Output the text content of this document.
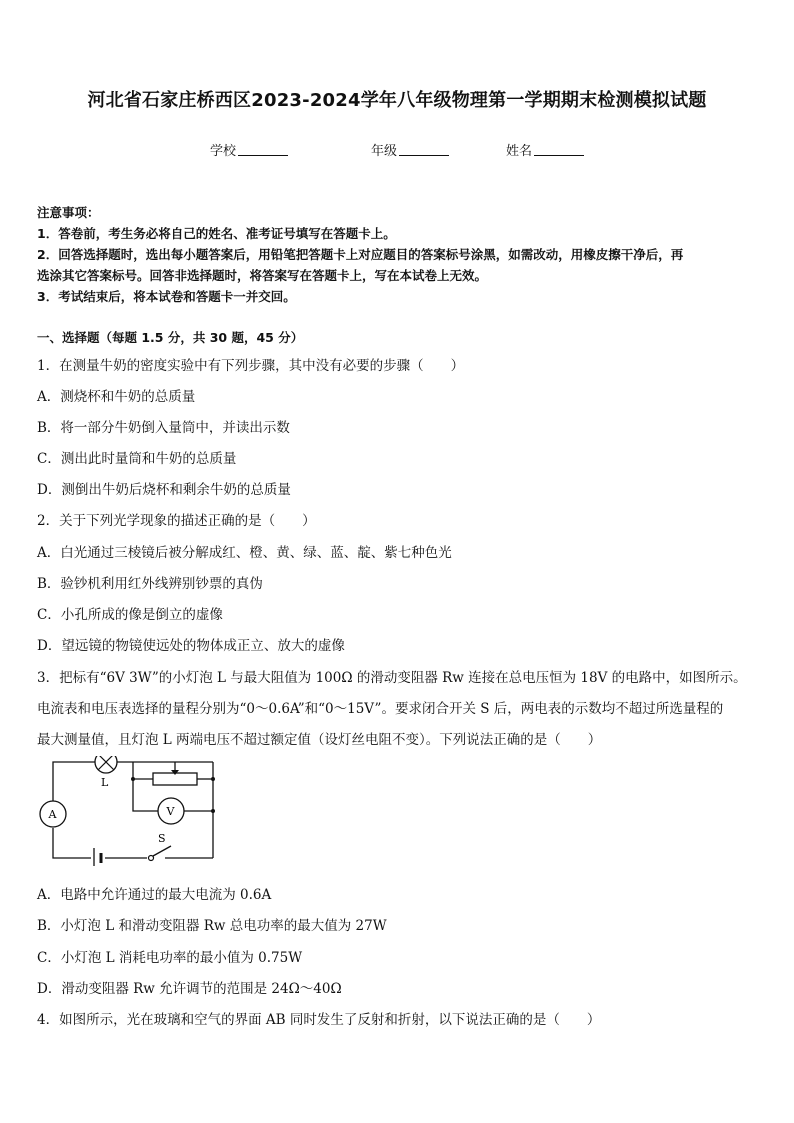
河北省石家庄桥西区2023-2024学年八年级物理第一学期期末检测模拟试题
学校	年级	姓名
注意事项：
1．答卷前，考生务必将自己的姓名、准考证号填写在答题卡上。
2．回答选择题时，选出每小题答案后，用铅笔把答题卡上对应题目的答案标号涂黑，如需改动，用橡皮擦干净后，再
选涂其它答案标号。回答非选择题时，将答案写在答题卡上，写在本试卷上无效。
3．考试结束后，将本试卷和答题卡一并交回。
一、选择题（每题 1.5 分，共 30 题，45 分）
1．在测量牛奶的密度实验中有下列步骤，其中没有必要的步骤（　　）
A．测烧杯和牛奶的总质量
B．将一部分牛奶倒入量筒中，并读出示数
C．测出此时量筒和牛奶的总质量
D．测倒出牛奶后烧杯和剩余牛奶的总质量
2．关于下列光学现象的描述正确的是（　　）
A．白光通过三棱镜后被分解成红、橙、黄、绿、蓝、靛、紫七种色光
B．验钞机利用红外线辨别钞票的真伪
C．小孔所成的像是倒立的虚像
D．望远镜的物镜使远处的物体成正立、放大的虚像
3．把标有“6V 3W”的小灯泡 L 与最大阻值为 100Ω 的滑动变阻器 Rw 连接在总电压恒为 18V 的电路中，如图所示。
电流表和电压表选择的量程分别为“0～0.6A”和“0～15V”。要求闭合开关 S 后，两电表的示数均不超过所选量程的
最大测量值，且灯泡 L 两端电压不超过额定值（设灯丝电阻不变）。下列说法正确的是（　　）
L
A	V
S
A．电路中允许通过的最大电流为 0.6A
B．小灯泡 L 和滑动变阻器 Rw 总电功率的最大值为 27W
C．小灯泡 L 消耗电功率的最小值为 0.75W
D．滑动变阻器 Rw 允许调节的范围是 24Ω～40Ω
4．如图所示，光在玻璃和空气的界面 AB 同时发生了反射和折射，以下说法正确的是（　　）
